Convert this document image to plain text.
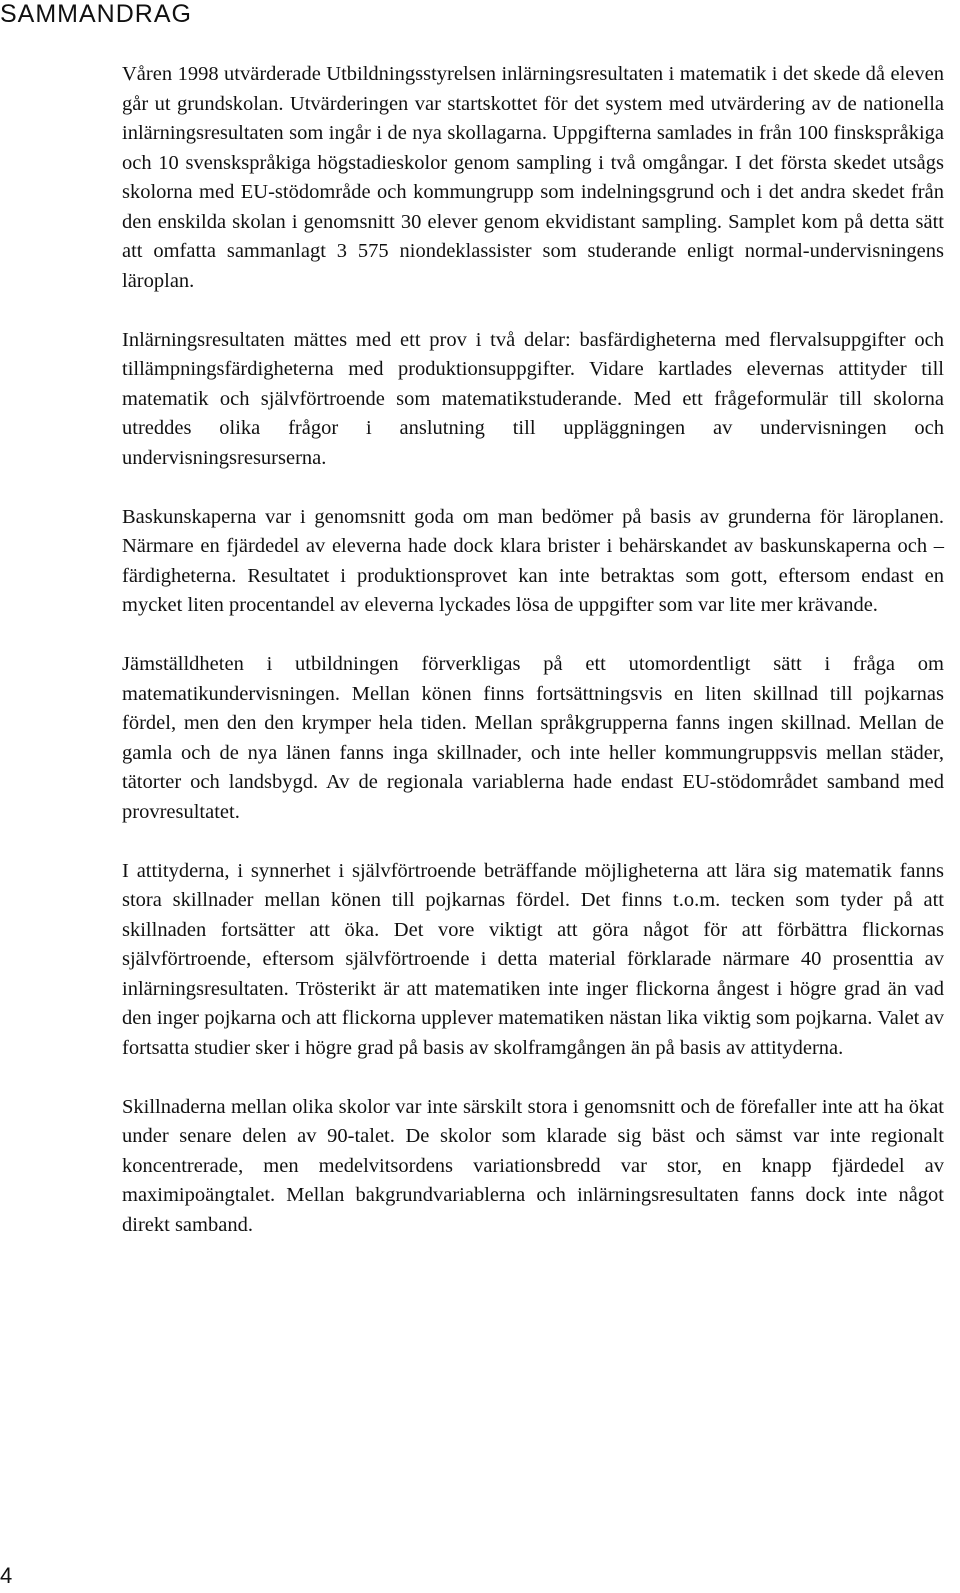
SAMMANDRAG

Våren 1998 utvärderade Utbildningsstyrelsen inlärningsresultaten i matematik i det skede då eleven går ut grundskolan. Utvärderingen var startskottet för det system med utvärdering av de nationella inlärningsresultaten som ingår i de nya skollagarna. Uppgifterna samlades in från 100 finskspråkiga och 10 svenskspråkiga högstadieskolor genom sampling i två omgångar. I det första skedet utsågs skolorna med EU-stödområde och kommungrupp som indelningsgrund och i det andra skedet från den enskilda skolan i genomsnitt 30 elever genom ekvidistant sampling. Samplet kom på detta sätt att omfatta sammanlagt 3 575 niondeklassister som studerande enligt normal-undervisningens läroplan.

Inlärningsresultaten mättes med ett prov i två delar: basfärdigheterna med flervalsuppgifter och tillämpningsfärdigheterna med produktionsuppgifter. Vidare kartlades elevernas attityder till matematik och självförtroende som matematikstuderande. Med ett frågeformulär till skolorna utreddes olika frågor i anslutning till uppläggningen av undervisningen och undervisningsresurserna.

Baskunskaperna var i genomsnitt goda om man bedömer på basis av grunderna för läroplanen. Närmare en fjärdedel av eleverna hade dock klara brister i behärskandet av baskunskaperna och –färdigheterna. Resultatet i produktionsprovet kan inte betraktas som gott, eftersom endast en mycket liten procentandel av eleverna lyckades lösa de uppgifter som var lite mer krävande.

Jämställdheten i utbildningen förverkligas på ett utomordentligt sätt i fråga om matematikundervisningen. Mellan könen finns fortsättningsvis en liten skillnad till pojkarnas fördel, men den den krymper hela tiden. Mellan språkgrupperna fanns ingen skillnad. Mellan de gamla och de nya länen fanns inga skillnader, och inte heller kommungruppsvis mellan städer, tätorter och landsbygd. Av de regionala variablerna hade endast EU-stödområdet samband med provresultatet.

I attityderna, i synnerhet i självförtroende beträffande möjligheterna att lära sig matematik fanns stora skillnader mellan könen till pojkarnas fördel. Det finns t.o.m. tecken som tyder på att skillnaden fortsätter att öka. Det vore viktigt att göra något för att förbättra flickornas självförtroende, eftersom självförtroende i detta material förklarade närmare 40 prosenttia av inlärningsresultaten. Trösterikt är att matematiken inte inger flickorna ångest i högre grad än vad den inger pojkarna och att flickorna upplever matematiken nästan lika viktig som pojkarna. Valet av fortsatta studier sker i högre grad på basis av skolframgången än på basis av attityderna.

Skillnaderna mellan olika skolor var inte särskilt stora i genomsnitt och de förefaller inte att ha ökat under senare delen av 90-talet. De skolor som klarade sig bäst och sämst var inte regionalt koncentrerade, men medelvitsordens variationsbredd var stor, en knapp fjärdedel av maximipoängtalet. Mellan bakgrundvariablerna och inlärningsresultaten fanns dock inte något direkt samband.

4
